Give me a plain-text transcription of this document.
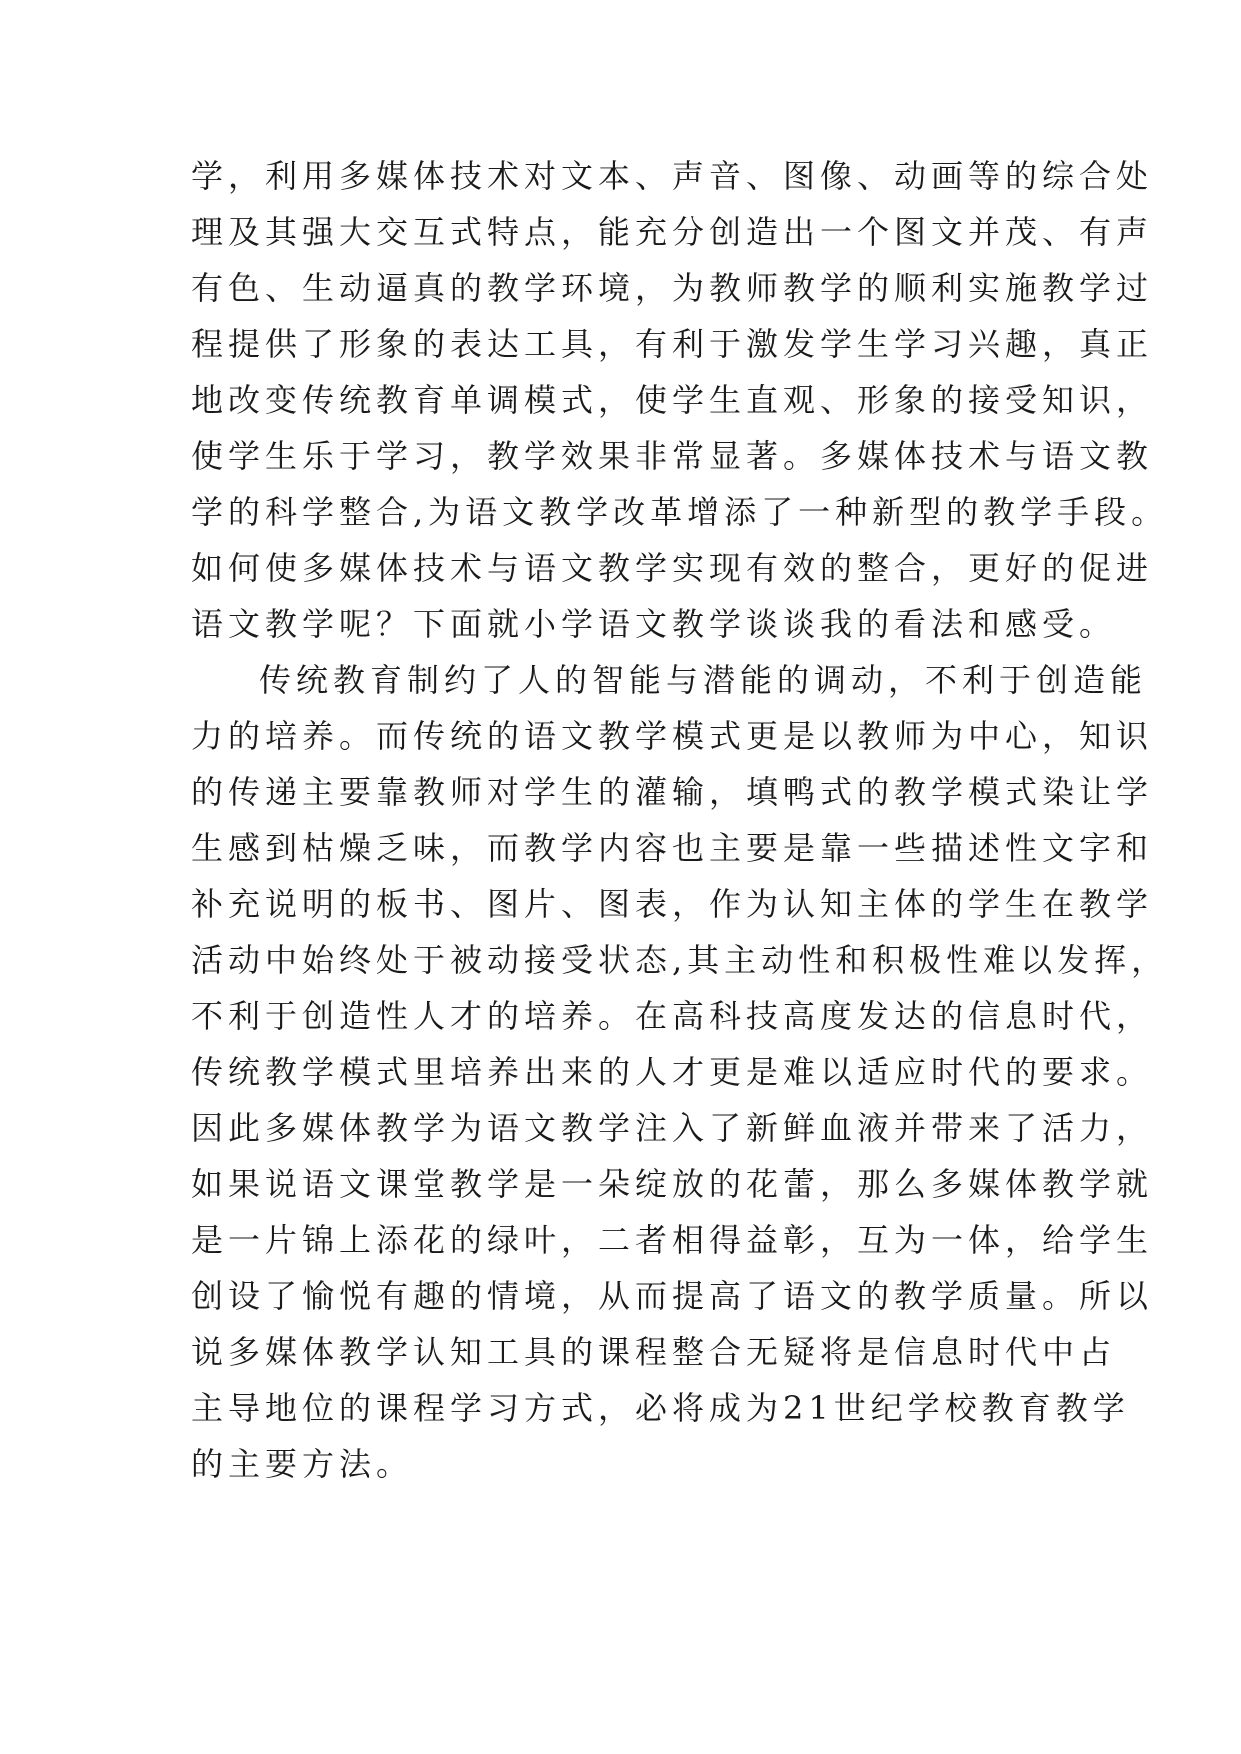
学，利用多媒体技术对文本、声音、图像、动画等的综合处
理及其强大交互式特点，能充分创造出一个图文并茂、有声
有色、生动逼真的教学环境，为教师教学的顺利实施教学过
程提供了形象的表达工具，有利于激发学生学习兴趣，真正
地改变传统教育单调模式，使学生直观、形象的接受知识，
使学生乐于学习，教学效果非常显著。多媒体技术与语文教
学的科学整合,为语文教学改革增添了一种新型的教学手段。
如何使多媒体技术与语文教学实现有效的整合，更好的促进
语文教学呢？下面就小学语文教学谈谈我的看法和感受。
传统教育制约了人的智能与潜能的调动，不利于创造能
力的培养。而传统的语文教学模式更是以教师为中心，知识
的传递主要靠教师对学生的灌输，填鸭式的教学模式染让学
生感到枯燥乏味，而教学内容也主要是靠一些描述性文字和
补充说明的板书、图片、图表，作为认知主体的学生在教学
活动中始终处于被动接受状态,其主动性和积极性难以发挥，
不利于创造性人才的培养。在高科技高度发达的信息时代，
传统教学模式里培养出来的人才更是难以适应时代的要求。
因此多媒体教学为语文教学注入了新鲜血液并带来了活力，
如果说语文课堂教学是一朵绽放的花蕾，那么多媒体教学就
是一片锦上添花的绿叶，二者相得益彰，互为一体，给学生
创设了愉悦有趣的情境，从而提高了语文的教学质量。所以
说多媒体教学认知工具的课程整合无疑将是信息时代中占
主导地位的课程学习方式，必将成为21世纪学校教育教学
的主要方法。
